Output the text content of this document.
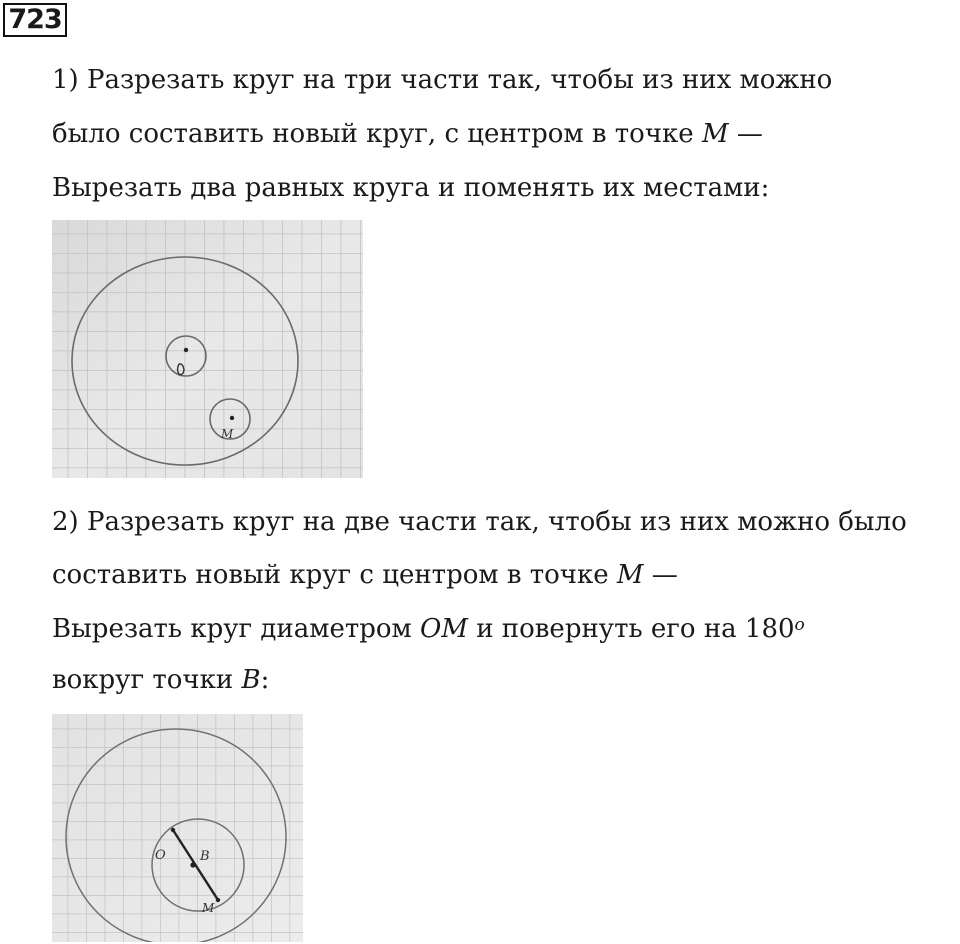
723
1) Разрезать круг на три части так, чтобы из них можно
было составить новый круг, с центром в точке M —
Вырезать два равных круга и поменять их местами:
M
2) Разрезать круг на две части так, чтобы из них можно было
составить новый круг с центром в точке M —
Вырезать круг диаметром OM и повернуть его на 180$^o$
вокруг точки B:
O	B
M
